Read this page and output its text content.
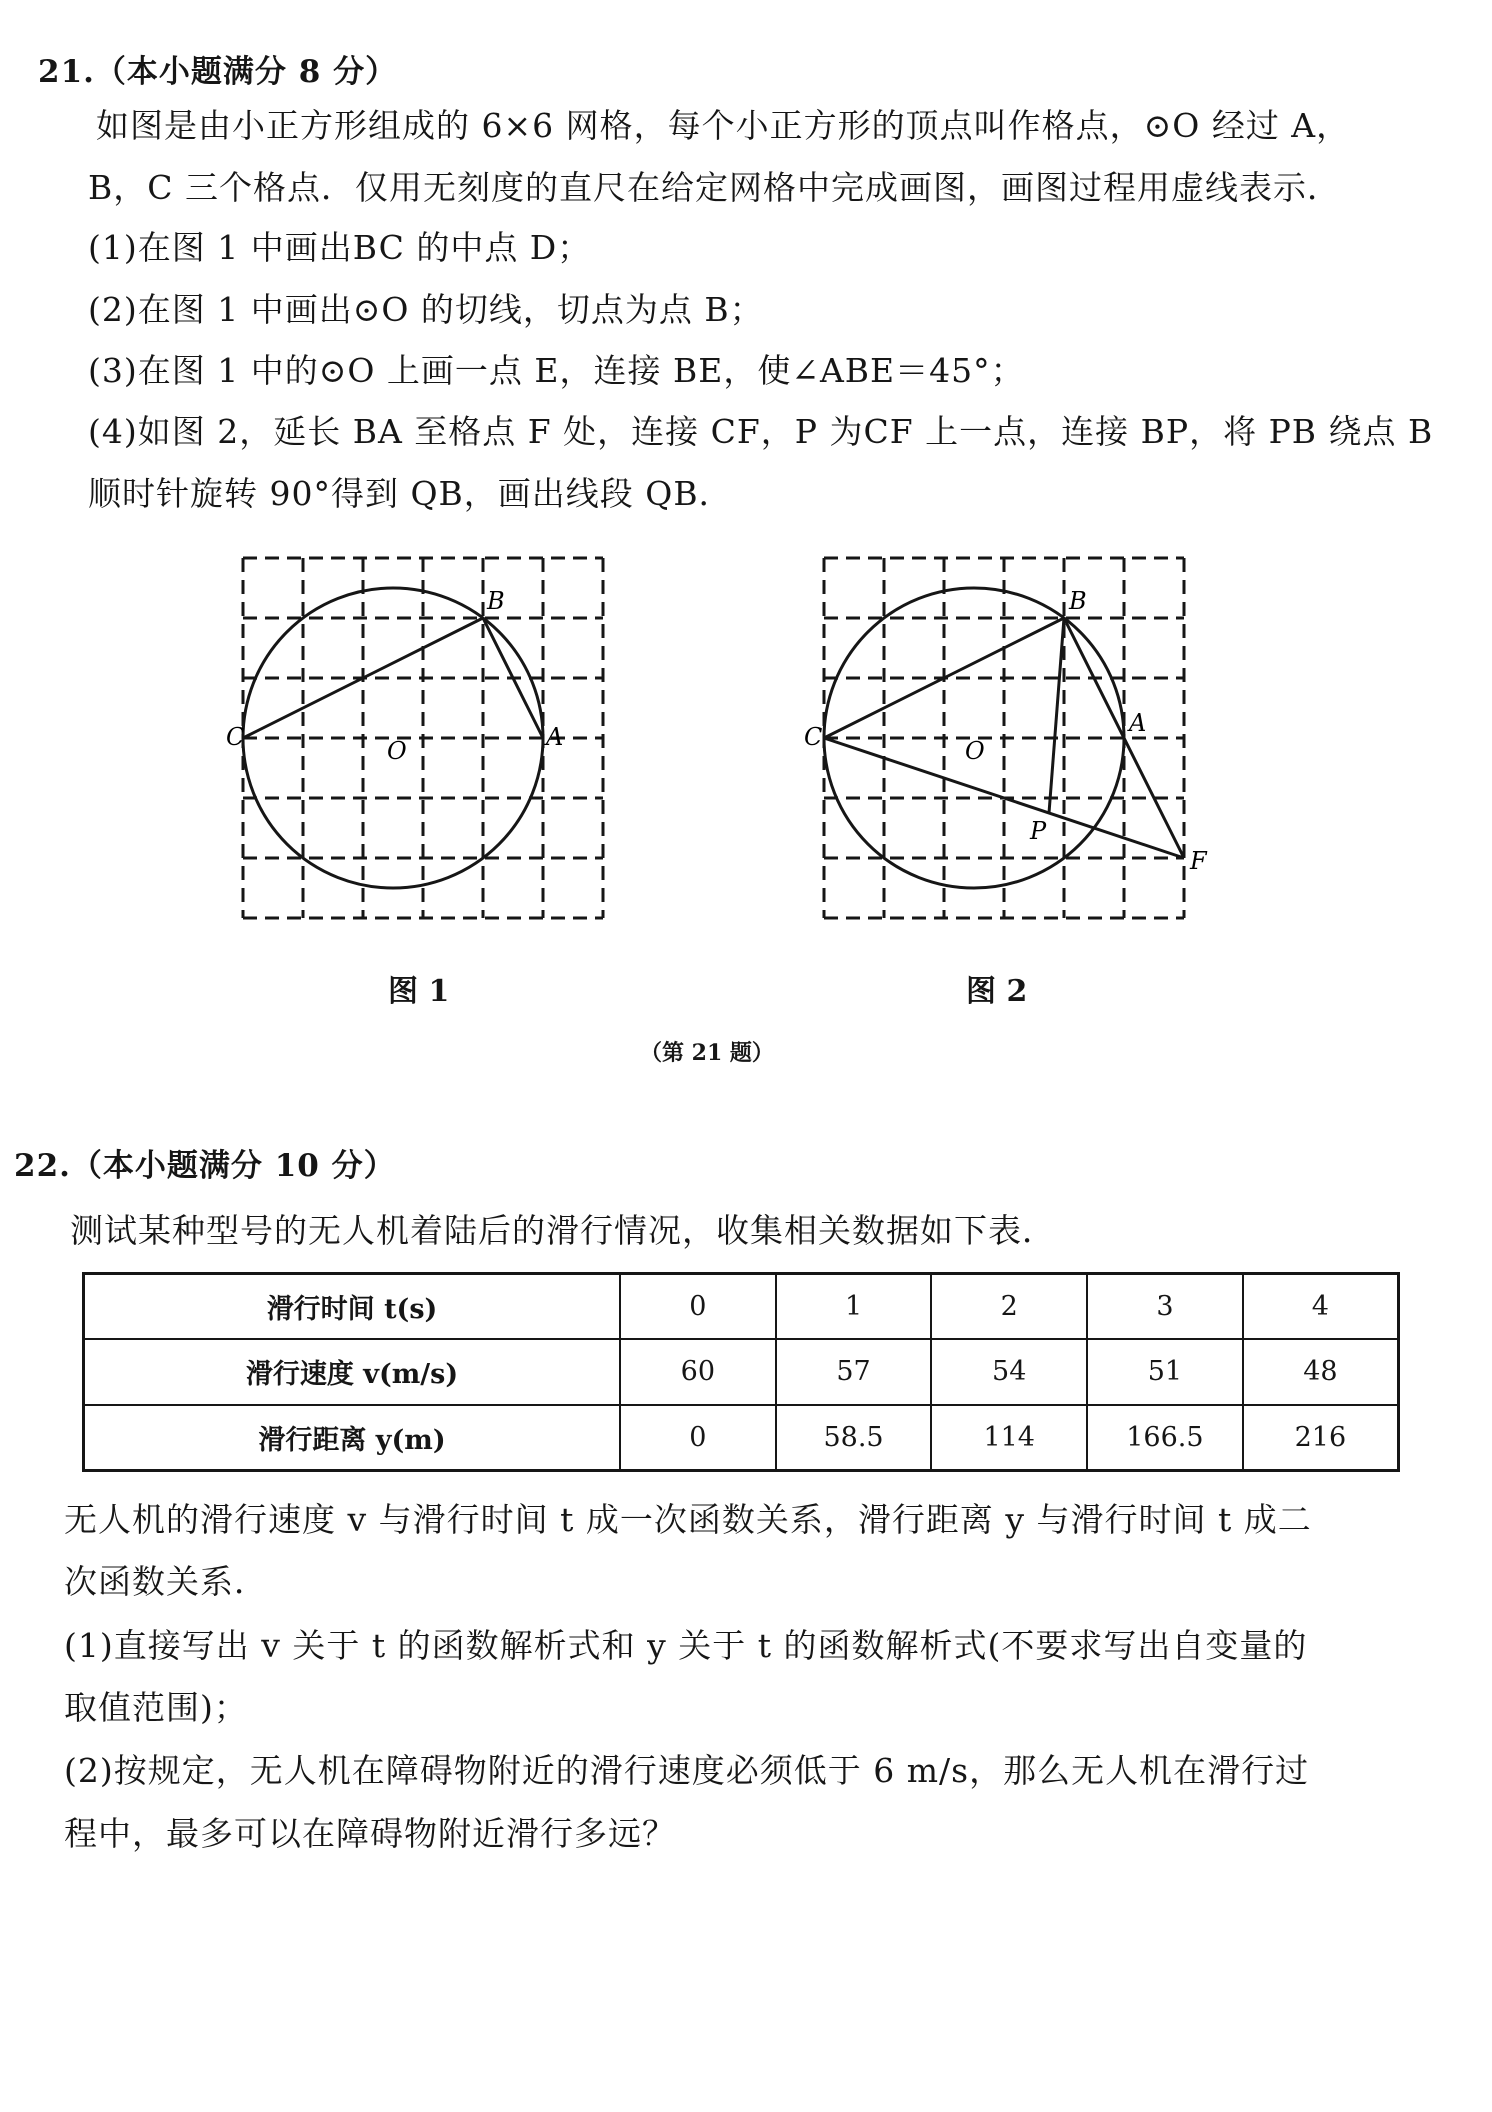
21.（本小题满分 8 分）
如图是由小正方形组成的 6×6 网格，每个小正方形的顶点叫作格点，⊙O 经过 A，
B，C 三个格点．仅用无刻度的直尺在给定网格中完成画图，画图过程用虚线表示．
(1)在图 1 中画出BC 的中点 D；
(2)在图 1 中画出⊙O 的切线，切点为点 B；
(3)在图 1 中的⊙O 上画一点 E，连接 BE，使∠ABE＝45°；
(4)如图 2，延长 BA 至格点 F 处，连接 CF，P 为CF 上一点，连接 BP，将 PB 绕点 B
顺时针旋转 90°得到 QB，画出线段 QB．
B
C	O	A
图 1
B
C	O
A
P
F
图 2
（第 21 题）
22.（本小题满分 10 分）
测试某种型号的无人机着陆后的滑行情况，收集相关数据如下表．
滑行时间 t(s)	0	1	2	3	4
滑行速度 v(m/s)	60	57	54	51	48
滑行距离 y(m)	0	58.5	114	166.5	216
无人机的滑行速度 v 与滑行时间 t 成一次函数关系，滑行距离 y 与滑行时间 t 成二
次函数关系．
(1)直接写出 v 关于 t 的函数解析式和 y 关于 t 的函数解析式(不要求写出自变量的
取值范围)；
(2)按规定，无人机在障碍物附近的滑行速度必须低于 6 m/s，那么无人机在滑行过
程中，最多可以在障碍物附近滑行多远？
